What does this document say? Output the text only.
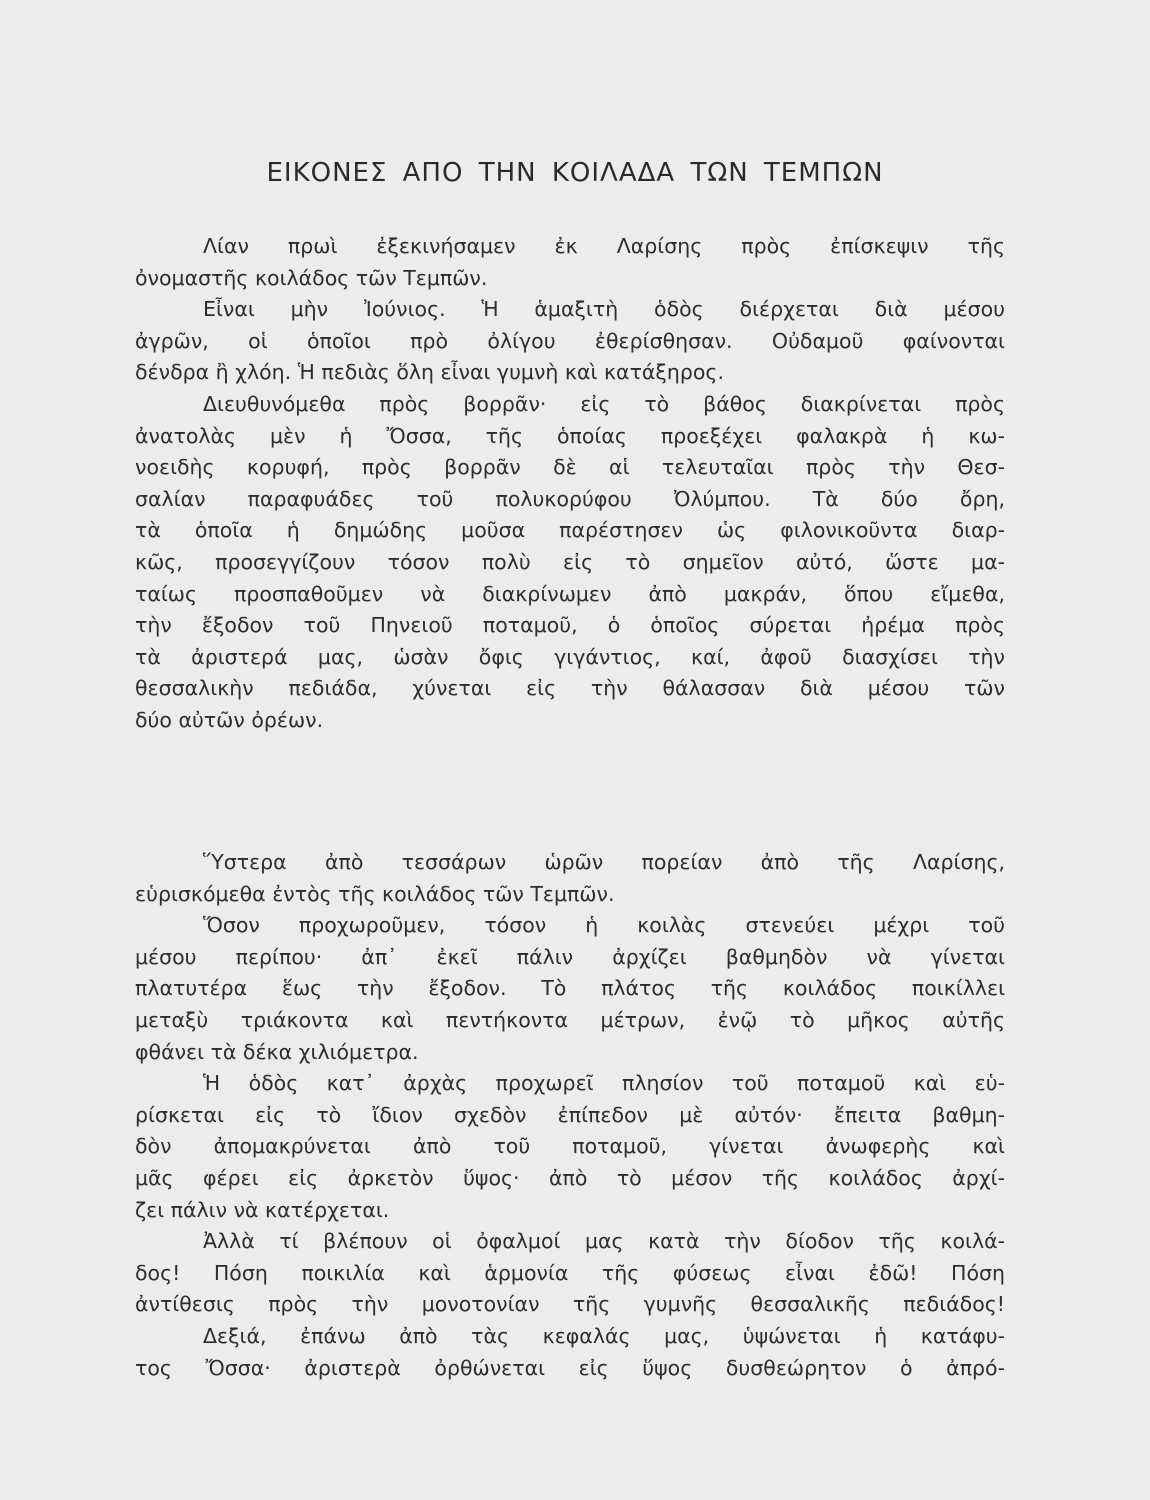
ΕΙΚΟΝΕΣ ΑΠΟ ΤΗΝ ΚΟΙΛΑΔΑ ΤΩΝ ΤΕΜΠΩΝ

Λίαν πρωὶ ἐξεκινήσαμεν ἐκ Λαρίσης πρὸς ἐπίσκεψιν τῆς
ὀνομαστῆς κοιλάδος τῶν Τεμπῶν.

Εἶναι μὴν Ἰούνιος. Ἡ ἁμαξιτὴ ὁδὸς διέρχεται διὰ μέσου
ἀγρῶν, οἱ ὁποῖοι πρὸ ὀλίγου ἐθερίσθησαν. Οὐδαμοῦ φαίνονται
δένδρα ἢ χλόη. Ἡ πεδιὰς ὅλη εἶναι γυμνὴ καὶ κατάξηρος.

Διευθυνόμεθα πρὸς βορρᾶν· εἰς τὸ βάθος διακρίνεται πρὸς
ἀνατολὰς μὲν ἡ Ὄσσα, τῆς ὁποίας προεξέχει φαλακρὰ ἡ κω-
νοειδὴς κορυφή, πρὸς βορρᾶν δὲ αἱ τελευταῖαι πρὸς τὴν Θεσ-
σαλίαν παραφυάδες τοῦ πολυκορύφου Ὀλύμπου. Τὰ δύο ὄρη,
τὰ ὁποῖα ἡ δημώδης μοῦσα παρέστησεν ὡς φιλονικοῦντα διαρ-
κῶς, προσεγγίζουν τόσον πολὺ εἰς τὸ σημεῖον αὐτό, ὥστε μα-
ταίως προσπαθοῦμεν νὰ διακρίνωμεν ἀπὸ μακράν, ὅπου εἴμεθα,
τὴν ἔξοδον τοῦ Πηνειοῦ ποταμοῦ, ὁ ὁποῖος σύρεται ἠρέμα πρὸς
τὰ ἀριστερά μας, ὡσὰν ὄφις γιγάντιος, καί, ἀφοῦ διασχίσει τὴν
θεσσαλικὴν πεδιάδα, χύνεται εἰς τὴν θάλασσαν διὰ μέσου τῶν
δύο αὐτῶν ὀρέων.

Ὕστερα ἀπὸ τεσσάρων ὡρῶν πορείαν ἀπὸ τῆς Λαρίσης,
εὑρισκόμεθα ἐντὸς τῆς κοιλάδος τῶν Τεμπῶν.

Ὅσον προχωροῦμεν, τόσον ἡ κοιλὰς στενεύει μέχρι τοῦ
μέσου περίπου· ἀπ᾽ ἐκεῖ πάλιν ἀρχίζει βαθμηδὸν νὰ γίνεται
πλατυτέρα ἕως τὴν ἔξοδον. Τὸ πλάτος τῆς κοιλάδος ποικίλλει
μεταξὺ τριάκοντα καὶ πεντήκοντα μέτρων, ἐνῷ τὸ μῆκος αὐτῆς
φθάνει τὰ δέκα χιλιόμετρα.

Ἡ ὁδὸς κατ᾽ ἀρχὰς προχωρεῖ πλησίον τοῦ ποταμοῦ καὶ εὑ-
ρίσκεται εἰς τὸ ἴδιον σχεδὸν ἐπίπεδον μὲ αὐτόν· ἔπειτα βαθμη-
δὸν ἀπομακρύνεται ἀπὸ τοῦ ποταμοῦ, γίνεται ἀνωφερὴς καὶ
μᾶς φέρει εἰς ἀρκετὸν ὕψος· ἀπὸ τὸ μέσον τῆς κοιλάδος ἀρχί-
ζει πάλιν νὰ κατέρχεται.

Ἀλλὰ τί βλέπουν οἱ ὀφαλμοί μας κατὰ τὴν δίοδον τῆς κοιλά-
δος! Πόση ποικιλία καὶ ἁρμονία τῆς φύσεως εἶναι ἐδῶ! Πόση
ἀντίθεσις πρὸς τὴν μονοτονίαν τῆς γυμνῆς θεσσαλικῆς πεδιάδος!

Δεξιά, ἐπάνω ἀπὸ τὰς κεφαλάς μας, ὑψώνεται ἡ κατάφυ-
τος Ὄσσα· ἀριστερὰ ὀρθώνεται εἰς ὕψος δυσθεώρητον ὁ ἀπρό-
